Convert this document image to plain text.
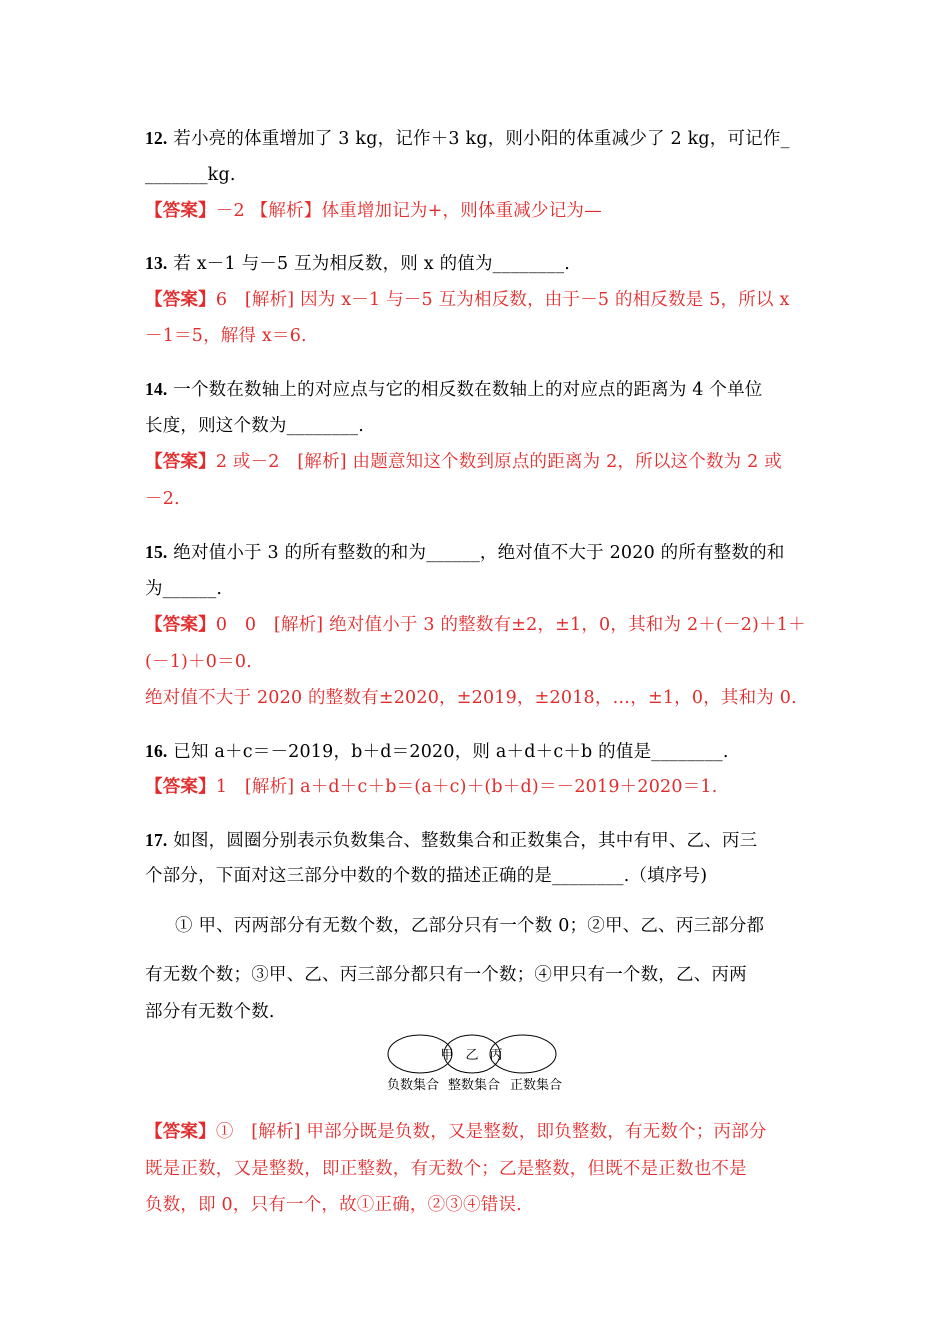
12. 若小亮的体重增加了 3 kg，记作＋3 kg，则小阳的体重减少了 2 kg，可记作_
_______kg.
【答案】－2 【解析】体重增加记为+，则体重减少记为—
13. 若 x－1 与－5 互为相反数，则 x 的值为________.
【答案】6　[解析] 因为 x－1 与－5 互为相反数，由于－5 的相反数是 5，所以 x
－1＝5，解得 x＝6.
14. 一个数在数轴上的对应点与它的相反数在数轴上的对应点的距离为 4 个单位
长度，则这个数为________.
【答案】2 或－2　[解析] 由题意知这个数到原点的距离为 2，所以这个数为 2 或
－2.
15. 绝对值小于 3 的所有整数的和为______，绝对值不大于 2020 的所有整数的和
为______.
【答案】0　0　[解析] 绝对值小于 3 的整数有±2，±1，0，其和为 2＋(－2)＋1＋
(－1)＋0＝0.
绝对值不大于 2020 的整数有±2020，±2019，±2018，…，±1，0，其和为 0.
16. 已知 a＋c＝－2019，b＋d＝2020，则 a＋d＋c＋b 的值是________.
【答案】1　[解析] a＋d＋c＋b＝(a＋c)＋(b＋d)＝－2019＋2020＝1.
17. 如图，圆圈分别表示负数集合、整数集合和正数集合，其中有甲、乙、丙三
个部分，下面对这三部分中数的个数的描述正确的是________.（填序号)
① 甲、丙两部分有无数个数，乙部分只有一个数 0；②甲、乙、丙三部分都
有无数个数；③甲、乙、丙三部分都只有一个数；④甲只有一个数，乙、丙两
部分有无数个数.
甲 乙 丙
负数集合 整数集合 正数集合
【答案】①　[解析] 甲部分既是负数，又是整数，即负整数，有无数个；丙部分
既是正数，又是整数，即正整数，有无数个；乙是整数，但既不是正数也不是
负数，即 0，只有一个，故①正确，②③④错误.
